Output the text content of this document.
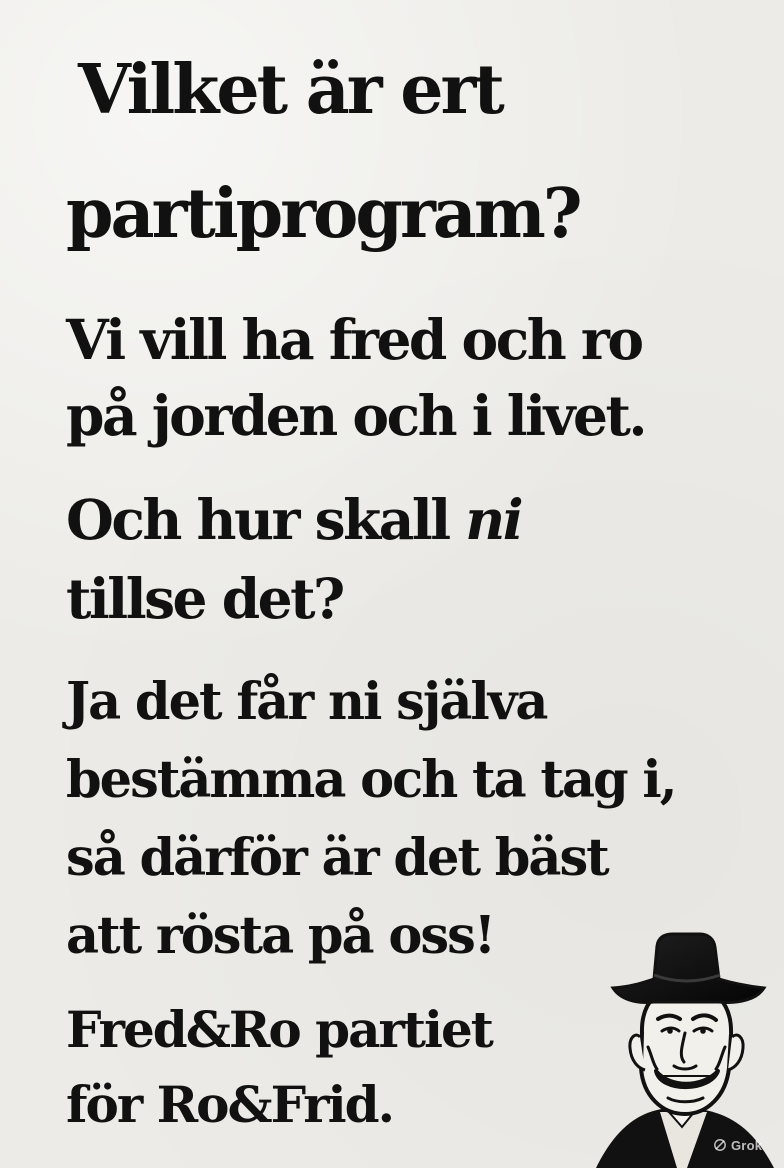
Vilket är ert
partiprogram?

Vi vill ha fred och ro

på jorden och i livet.

Och hur skall ni

tillse det?

Ja det får ni själva

bestämma och ta tag i,

så därför är det bäst

att rösta på oss!

Fred&Ro partiet

för Ro&Frid.

Grok
